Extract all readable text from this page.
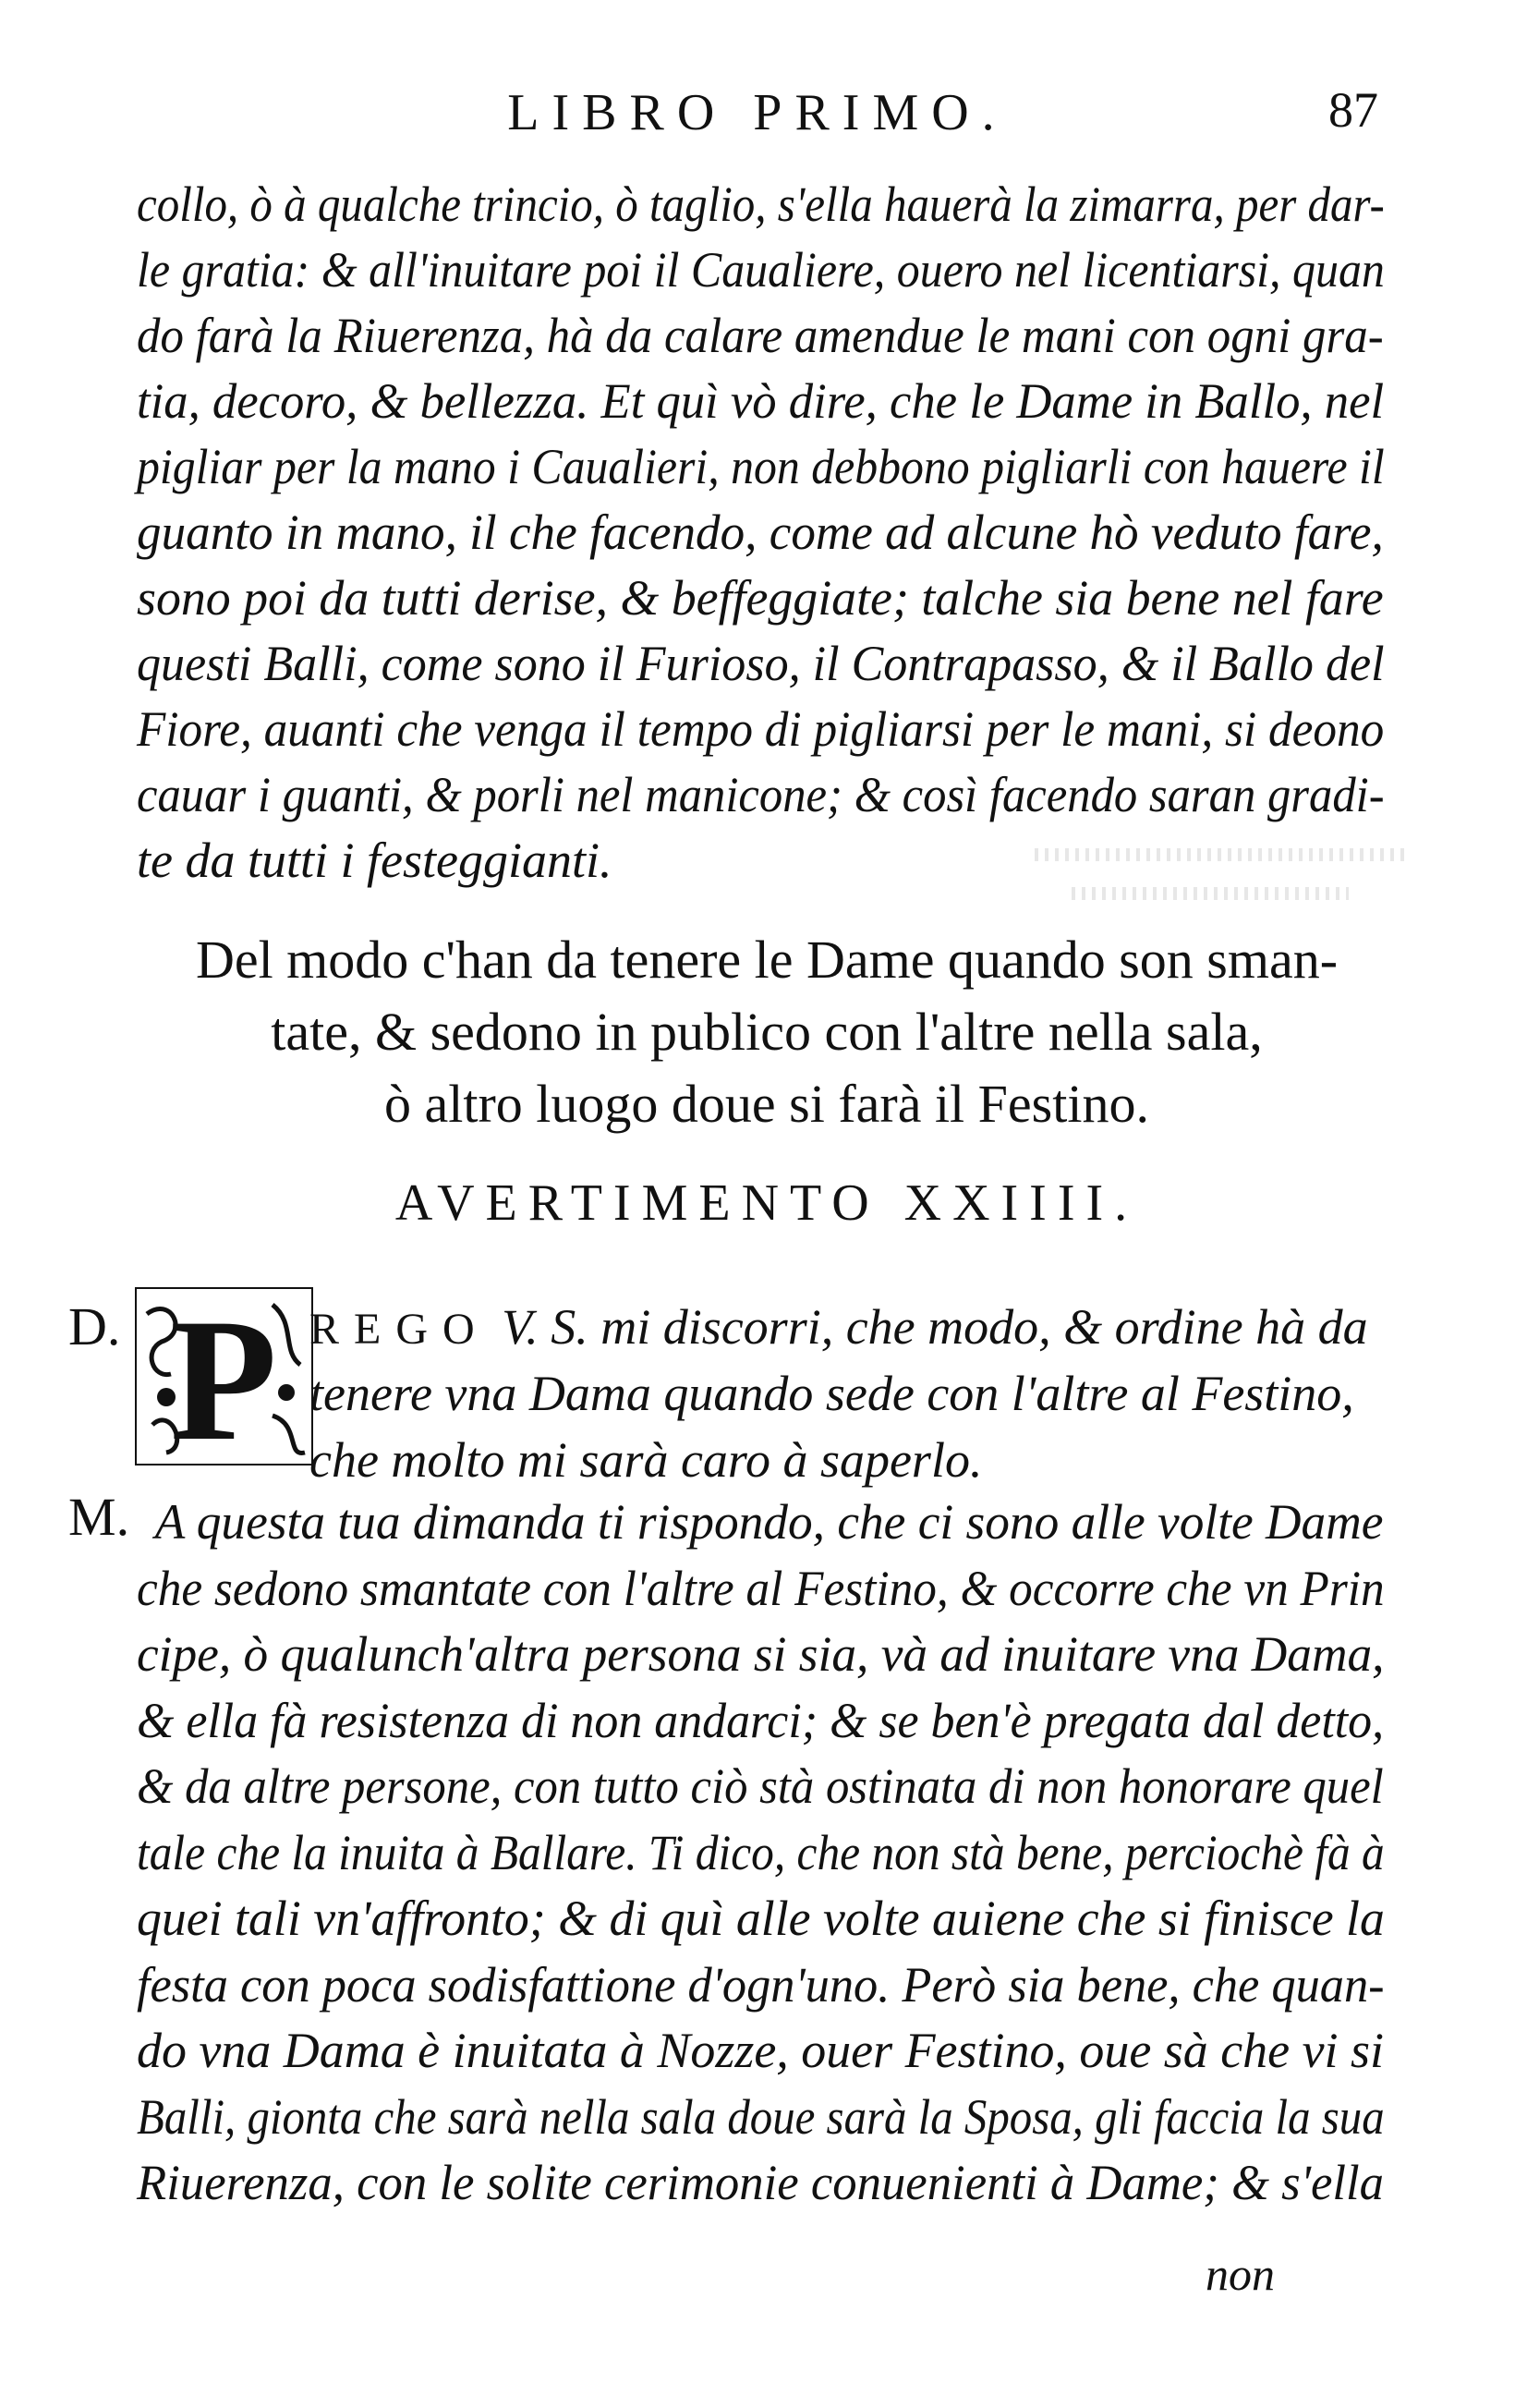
LIBRO PRIMO.	87
collo, ò à qualche trincio, ò taglio, s'ella hauerà la zimarra, per dar-
le gratia: & all'inuitare poi il Caualiere, ouero nel licentiarsi, quan
do farà la Riuerenza, hà da calare amendue le mani con ogni gra-
tia, decoro, & bellezza. Et quì vò dire, che le Dame in Ballo, nel
pigliar per la mano i Caualieri, non debbono pigliarli con hauere il
guanto in mano, il che facendo, come ad alcune hò veduto fare,
sono poi da tutti derise, & beffeggiate; talche sia bene nel fare
questi Balli, come sono il Furioso, il Contrapasso, & il Ballo del
Fiore, auanti che venga il tempo di pigliarsi per le mani, si deono
cauar i guanti, & porli nel manicone; & così facendo saran gradi-
te da tutti i festeggianti.
Del modo c'han da tenere le Dame quando son sman-
tate, & sedono in publico con l'altre nella sala,
ò altro luogo doue si farà il Festino.
AVERTIMENTO XXIIII.
D. P REGO V. S. mi discorri, che modo, & ordine hà da
tenere vna Dama quando sede con l'altre al Festino,
che molto mi sarà caro à saperlo.
M. A questa tua dimanda ti rispondo, che ci sono alle volte Dame
che sedono smantate con l'altre al Festino, & occorre che vn Prin
cipe, ò qualunch'altra persona si sia, và ad inuitare vna Dama,
& ella fà resistenza di non andarci; & se ben'è pregata dal detto,
& da altre persone, con tutto ciò stà ostinata di non honorare quel
tale che la inuita à Ballare. Ti dico, che non stà bene, perciochè fà à
quei tali vn'affronto; & di quì alle volte auiene che si finisce la
festa con poca sodisfattione d'ogn'uno. Però sia bene, che quan-
do vna Dama è inuitata à Nozze, ouer Festino, oue sà che vi si
Balli, gionta che sarà nella sala doue sarà la Sposa, gli faccia la sua
Riuerenza, con le solite cerimonie conuenienti à Dame; & s'ella
non
